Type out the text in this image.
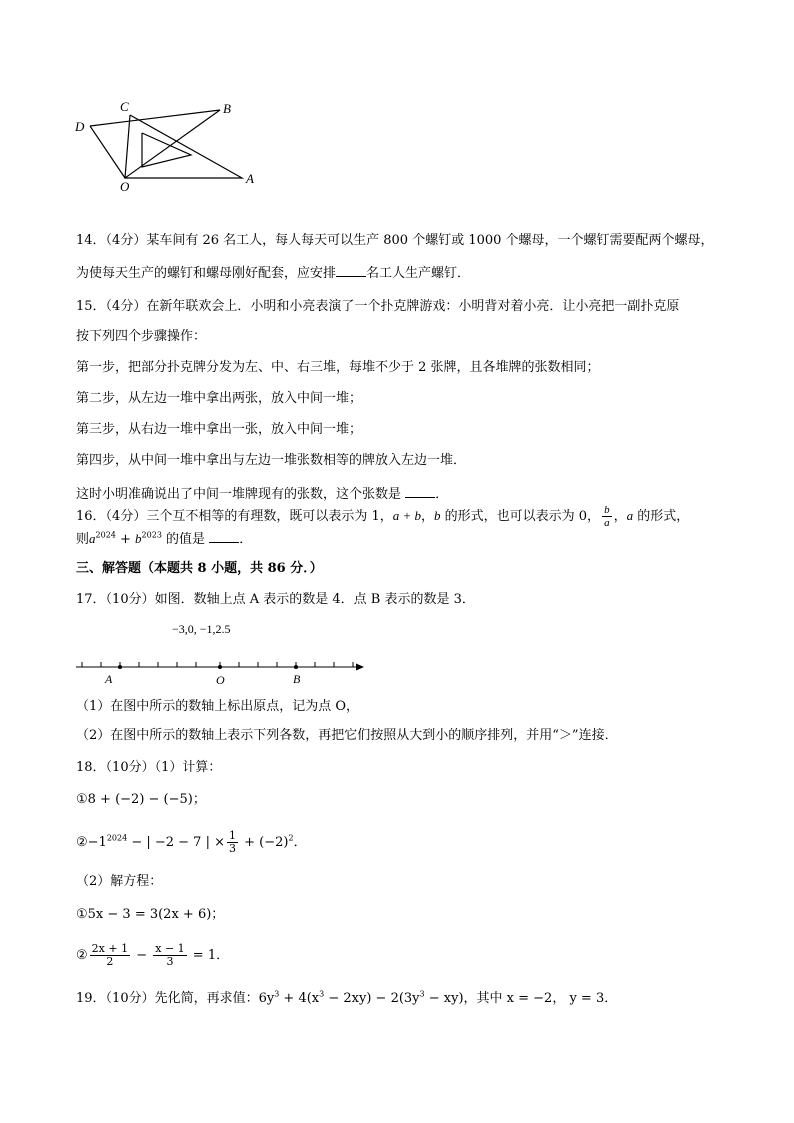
C	B
D
A
O
14．（4分）某车间有 26 名工人，每人每天可以生产 800 个螺钉或 1000 个螺母，一个螺钉需要配两个螺母，
为使每天生产的螺钉和螺母刚好配套，应安排 名工人生产螺钉．
15．（4分）在新年联欢会上．小明和小亮表演了一个扑克牌游戏：小明背对着小亮．让小亮把一副扑克原
按下列四个步骤操作：
第一步，把部分扑克牌分发为左、中、右三堆，每堆不少于 2 张牌，且各堆牌的张数相同；
第二步，从左边一堆中拿出两张，放入中间一堆；
第三步，从右边一堆中拿出一张，放入中间一堆；
第四步，从中间一堆中拿出与左边一堆张数相等的牌放入左边一堆．
这时小明准确说出了中间一堆牌现有的张数，这个张数是	．
16．（4分）三个互不相等的有理数，既可以表示为 1，a + b，b 的形式，也可以表示为 0， $\frac{b}{a}$ ，a 的形式，
则$a^{2024} + b^{2023}$ 的值是	．
三、解答题（本题共 8 小题，共 86 分．）
17．（10分）如图．数轴上点 A 表示的数是 4．点 B 表示的数是 3．
−3,0, −1,2.5
A	O	B
（1）在图中所示的数轴上标出原点，记为点 O，
（2）在图中所示的数轴上表示下列各数，再把它们按照从大到小的顺序排列，并用“＞”连接．
18．（10分）（1）计算：
①8 + (−2) − (−5)；
$②-1^{2024}$ − | −2 − 7 | × $\frac{1}{3} + (-2)^2$．
（2）解方程：
①5x − 3 = 3(2x + 6)；
② $\frac{2x + 1}{2} - \frac{x - 1}{3} = 1$．
19．（10分）先化简，再求值：$6y^3 + 4(x^3 - 2xy) - 2(3y^3 - xy)$，其中 x = −2， y = 3．
